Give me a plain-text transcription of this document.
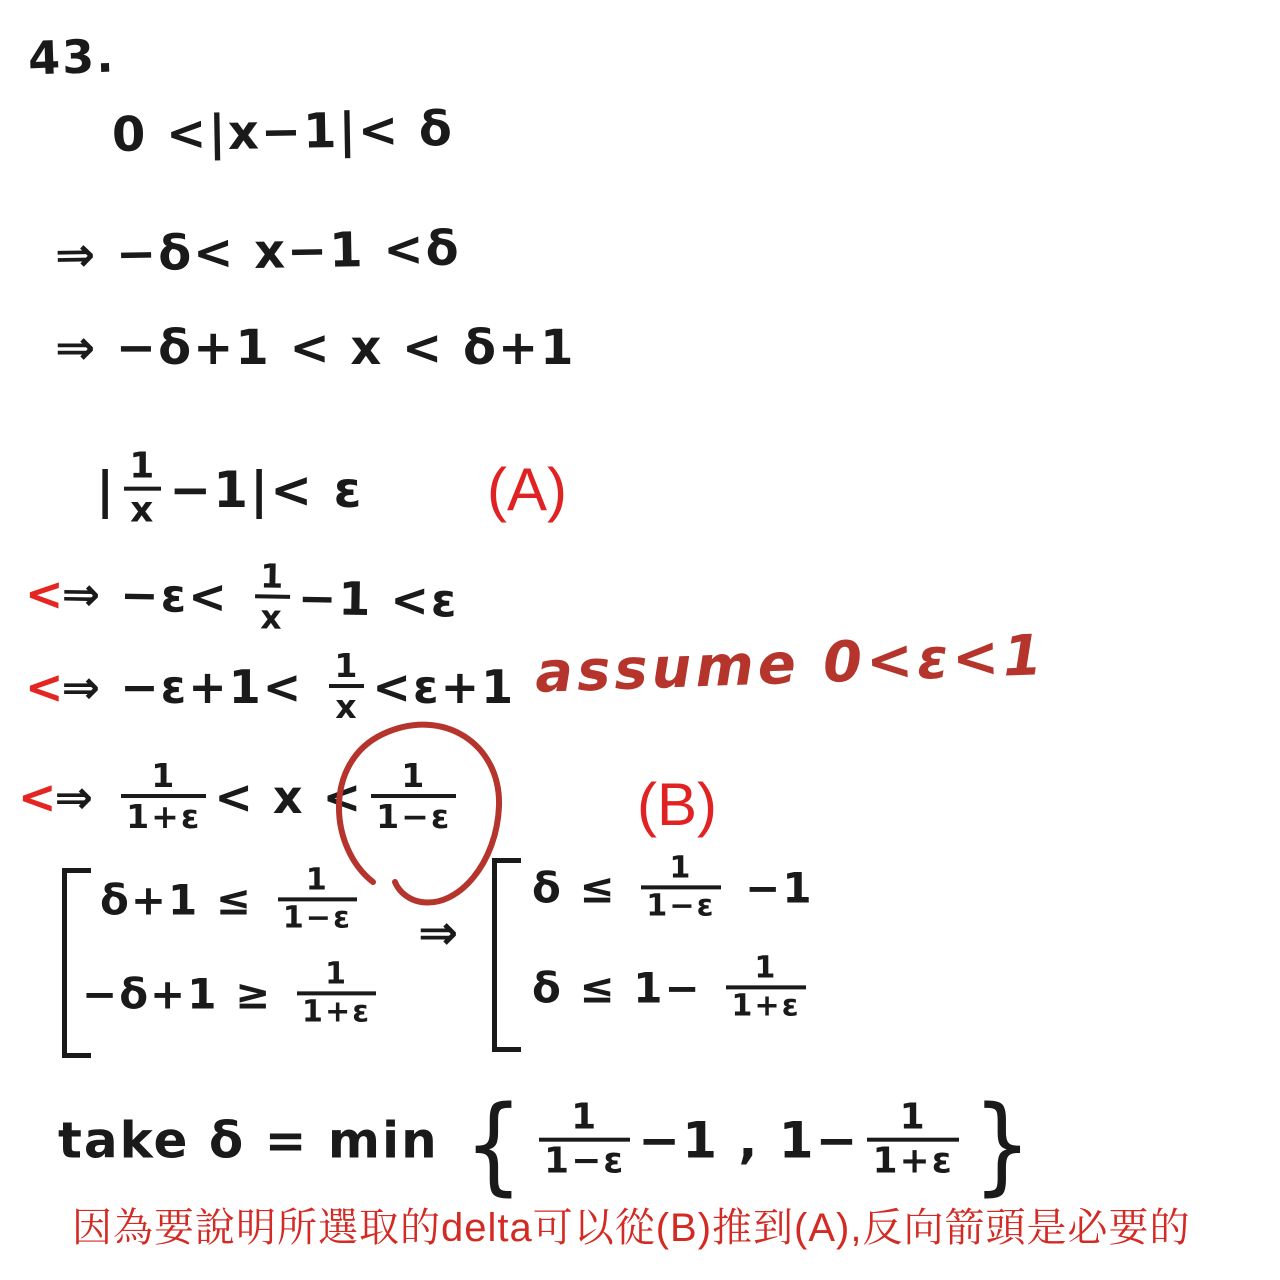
43.
0 <|x−1|< δ
⇒ −δ< x−1 <δ
⇒ −δ+1 < x < δ+1
| $\frac{1}{x} -1|< \varepsilon$ (A)
<⇒ $-\varepsilon< \frac{1}{x} -1 <\varepsilon$
<⇒ $-\varepsilon+1< \frac{1}{x} <\varepsilon+1$ assume 0<ε<1
<⇒ $\frac{1}{1+\varepsilon} < x < \frac{1}{1-\varepsilon}$	(B)
$\delta+1 \le \frac{1}{1-\varepsilon}$
$-\delta+1 \ge \frac{1}{1+\varepsilon}$
⇒
$\delta \le \frac{1}{1-\varepsilon} -1$
$\delta \le 1- \frac{1}{1+\varepsilon}$
take δ = min { $\frac{1}{1-\varepsilon} -1$ , $1- \frac{1}{1+\varepsilon}$ }
因為要說明所選取的delta可以從(B)推到(A),反向箭頭是必要的
